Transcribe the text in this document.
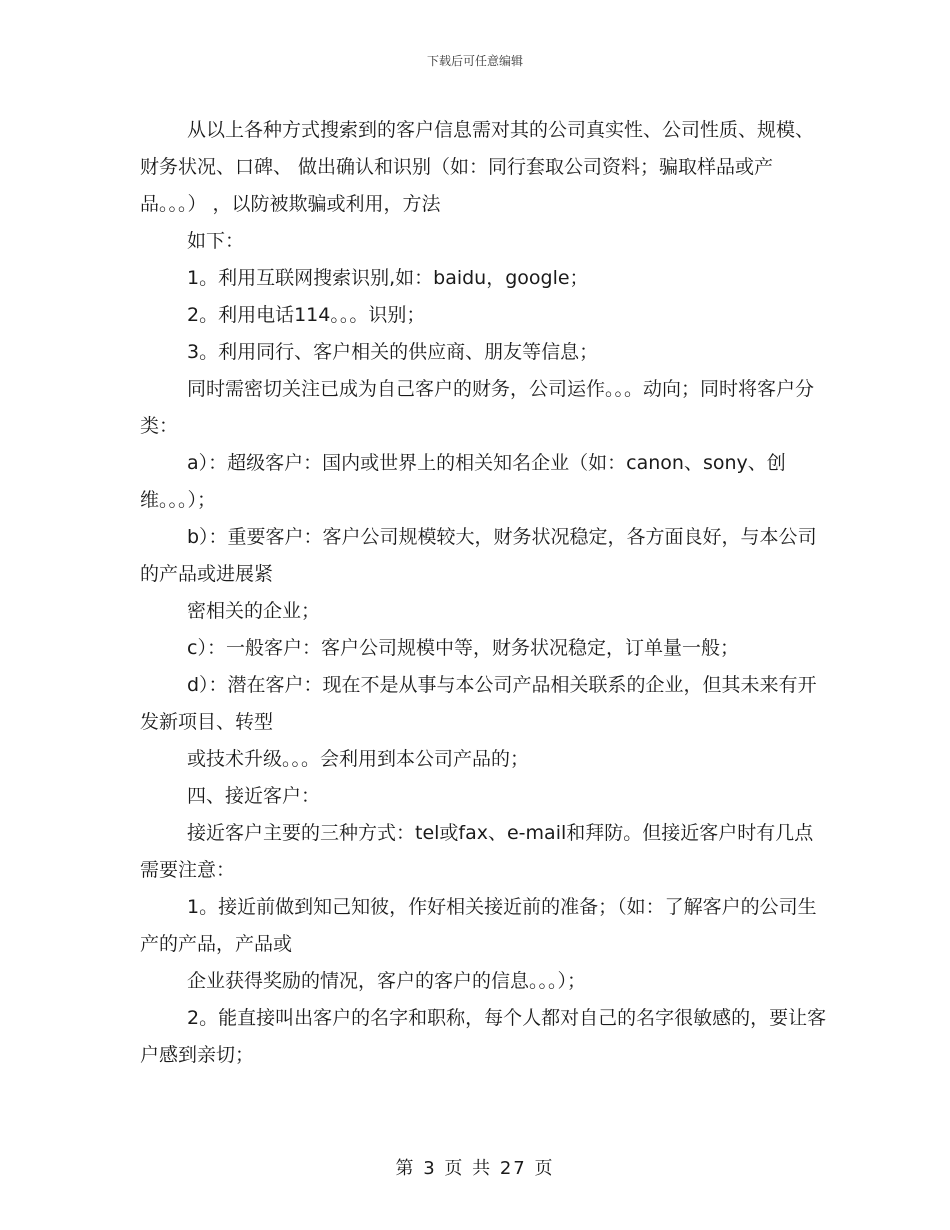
下载后可任意编辑

从以上各种方式搜索到的客户信息需对其的公司真实性、公司性质、规模、财务状况、口碑、 做出确认和识别（如：同行套取公司资料；骗取样品或产品。。。） ，以防被欺骗或利用，方法

如下：

1。利用互联网搜索识别,如：baidu，google；

2。利用电话114。。。识别；

3。利用同行、客户相关的供应商、朋友等信息；

同时需密切关注已成为自己客户的财务，公司运作。。。动向；同时将客户分类：

a）：超级客户：国内或世界上的相关知名企业（如：canon、sony、创维。。。）；

b）：重要客户：客户公司规模较大，财务状况稳定，各方面良好，与本公司的产品或进展紧

密相关的企业；

c）：一般客户：客户公司规模中等，财务状况稳定，订单量一般；

d）：潜在客户：现在不是从事与本公司产品相关联系的企业，但其未来有开发新项目、转型

或技术升级。。。会利用到本公司产品的；

四、接近客户：

接近客户主要的三种方式：tel或fax、e-mail和拜防。但接近客户时有几点需要注意：

1。接近前做到知己知彼，作好相关接近前的准备；（如：了解客户的公司生产的产品，产品或

企业获得奖励的情况，客户的客户的信息。。。）；

2。能直接叫出客户的名字和职称，每个人都对自己的名字很敏感的，要让客户感到亲切；

第 3 页 共 27 页
